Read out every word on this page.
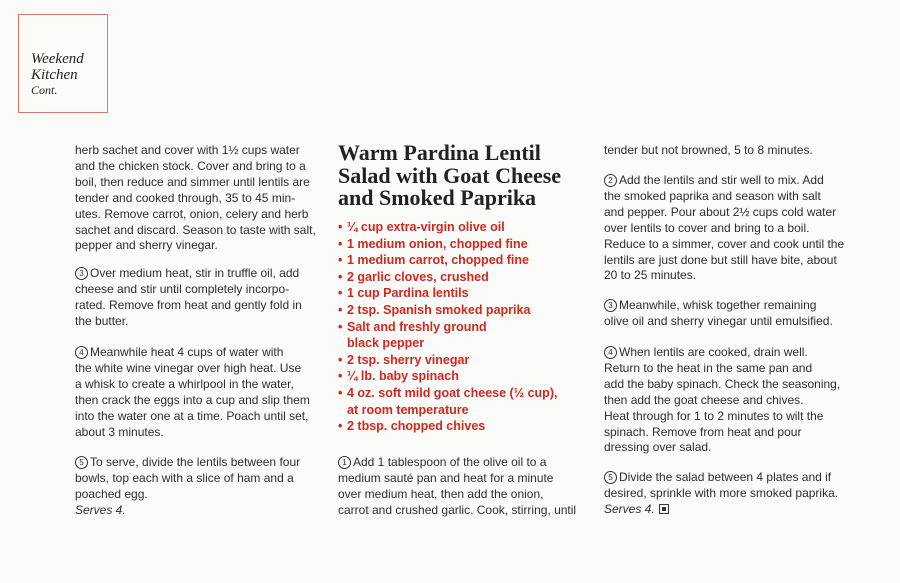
Weekend
Kitchen
Cont.

herb sachet and cover with 1½ cups water

and the chicken stock. Cover and bring to a

boil, then reduce and simmer until lentils are

tender and cooked through, 35 to 45 min-

utes. Remove carrot, onion, celery and herb

sachet and discard. Season to taste with salt,

pepper and sherry vinegar.

3 Over medium heat, stir in truffle oil, add

cheese and stir until completely incorpo-

rated. Remove from heat and gently fold in

the butter.

4 Meanwhile heat 4 cups of water with

the white wine vinegar over high heat. Use

a whisk to create a whirlpool in the water,

then crack the eggs into a cup and slip them

into the water one at a time. Poach until set,

about 3 minutes.

5 To serve, divide the lentils between four

bowls, top each with a slice of ham and a

poached egg.

Serves 4.

Warm Pardina Lentil
Salad with Goat Cheese
and Smoked Paprika
• ¼ cup extra-virgin olive oil
• 1 medium onion, chopped fine
• 1 medium carrot, chopped fine
• 2 garlic cloves, crushed
• 1 cup Pardina lentils
• 2 tsp. Spanish smoked paprika
• Salt and freshly ground
black pepper
• 2 tsp. sherry vinegar
• ¼ lb. baby spinach
• 4 oz. soft mild goat cheese (½ cup),
at room temperature
• 2 tbsp. chopped chives

1 Add 1 tablespoon of the olive oil to a

medium sauté pan and heat for a minute

over medium heat, then add the onion,

carrot and crushed garlic. Cook, stirring, until

tender but not browned, 5 to 8 minutes.

2 Add the lentils and stir well to mix. Add

the smoked paprika and season with salt

and pepper. Pour about 2½ cups cold water

over lentils to cover and bring to a boil.

Reduce to a simmer, cover and cook until the

lentils are just done but still have bite, about

20 to 25 minutes.

3 Meanwhile, whisk together remaining

olive oil and sherry vinegar until emulsified.

4 When lentils are cooked, drain well.

Return to the heat in the same pan and

add the baby spinach. Check the seasoning,

then add the goat cheese and chives.

Heat through for 1 to 2 minutes to wilt the

spinach. Remove from heat and pour

dressing over salad.

5 Divide the salad between 4 plates and if

desired, sprinkle with more smoked paprika.

Serves 4.
